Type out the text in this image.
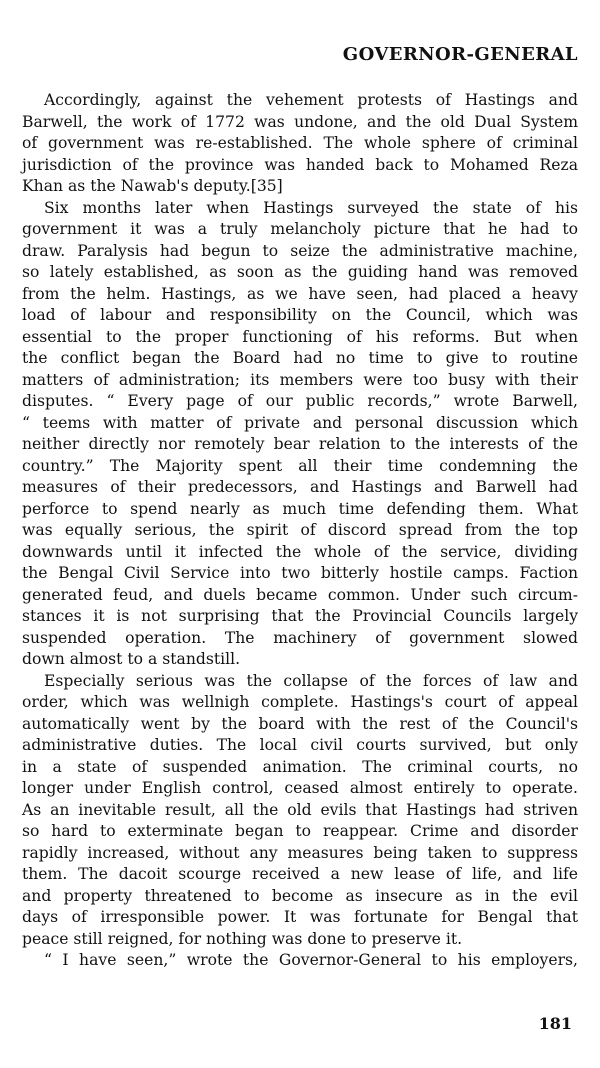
GOVERNOR-GENERAL
Accordingly, against the vehement protests of Hastings and
Barwell, the work of 1772 was undone, and the old Dual System
of government was re-established. The whole sphere of criminal
jurisdiction of the province was handed back to Mohamed Reza
Khan as the Nawab's deputy.[35]
Six months later when Hastings surveyed the state of his
government it was a truly melancholy picture that he had to
draw. Paralysis had begun to seize the administrative machine,
so lately established, as soon as the guiding hand was removed
from the helm. Hastings, as we have seen, had placed a heavy
load of labour and responsibility on the Council, which was
essential to the proper functioning of his reforms. But when
the conflict began the Board had no time to give to routine
matters of administration; its members were too busy with their
disputes. “ Every page of our public records,” wrote Barwell,
“ teems with matter of private and personal discussion which
neither directly nor remotely bear relation to the interests of the
country.” The Majority spent all their time condemning the
measures of their predecessors, and Hastings and Barwell had
perforce to spend nearly as much time defending them. What
was equally serious, the spirit of discord spread from the top
downwards until it infected the whole of the service, dividing
the Bengal Civil Service into two bitterly hostile camps. Faction
generated feud, and duels became common. Under such circum-
stances it is not surprising that the Provincial Councils largely
suspended operation. The machinery of government slowed
down almost to a standstill.
Especially serious was the collapse of the forces of law and
order, which was wellnigh complete. Hastings's court of appeal
automatically went by the board with the rest of the Council's
administrative duties. The local civil courts survived, but only
in a state of suspended animation. The criminal courts, no
longer under English control, ceased almost entirely to operate.
As an inevitable result, all the old evils that Hastings had striven
so hard to exterminate began to reappear. Crime and disorder
rapidly increased, without any measures being taken to suppress
them. The dacoit scourge received a new lease of life, and life
and property threatened to become as insecure as in the evil
days of irresponsible power. It was fortunate for Bengal that
peace still reigned, for nothing was done to preserve it.
“ I have seen,” wrote the Governor-General to his employers,
181
